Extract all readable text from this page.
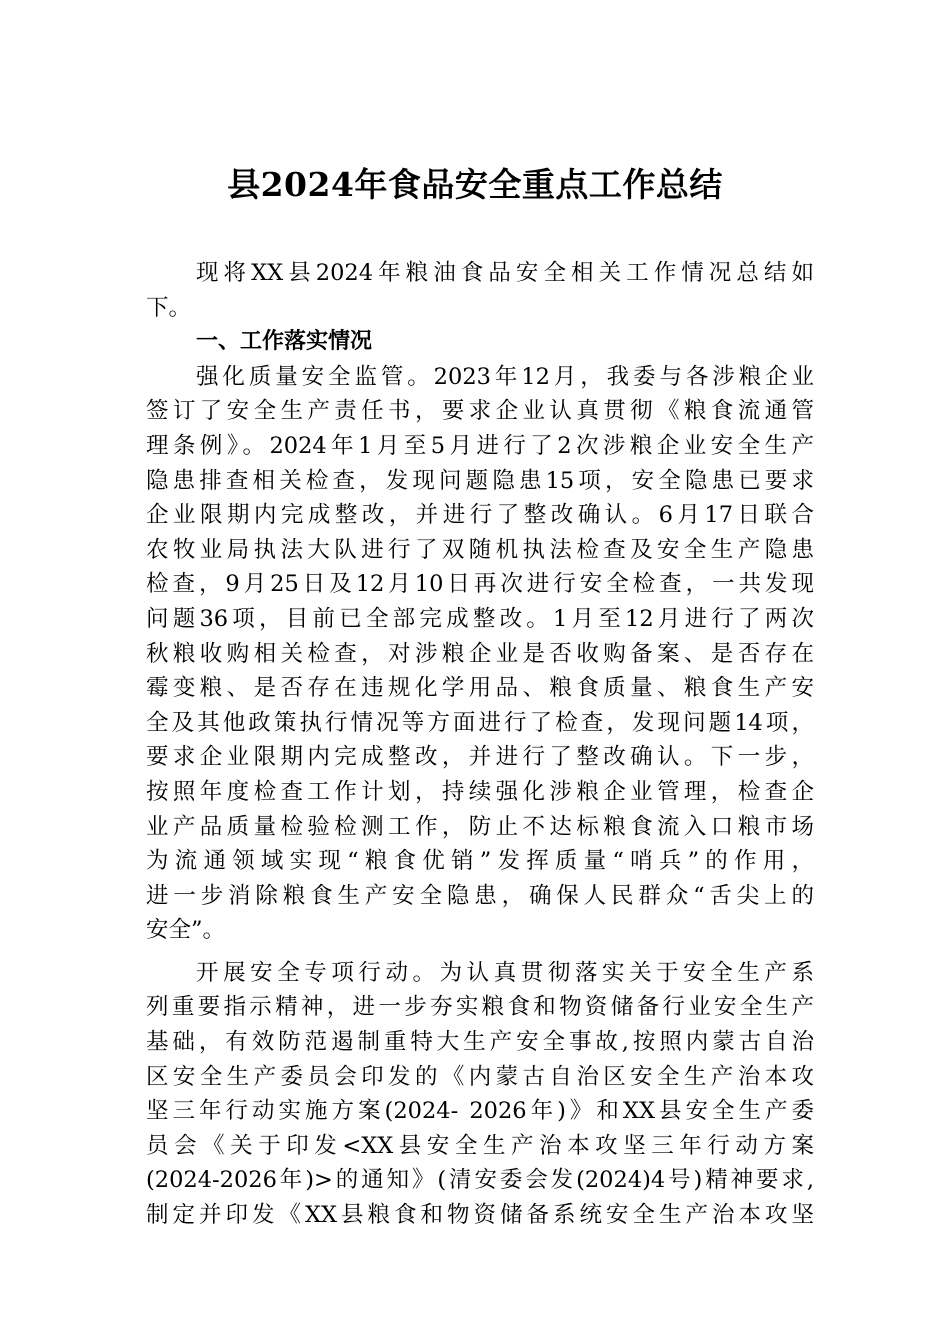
县2024年食品安全重点工作总结
现将XX县2024年粮油食品安全相关工作情况总结如
下。
一、工作落实情况
强化质量安全监管。2023年12月，我委与各涉粮企业
签订了安全生产责任书，要求企业认真贯彻《粮食流通管
理条例》。2024年1月至5月进行了2次涉粮企业安全生产
隐患排查相关检查，发现问题隐患15项，安全隐患已要求
企业限期内完成整改，并进行了整改确认。6月17日联合
农牧业局执法大队进行了双随机执法检查及安全生产隐患
检查，9月25日及12月10日再次进行安全检查，一共发现
问题36项，目前已全部完成整改。1月至12月进行了两次
秋粮收购相关检查，对涉粮企业是否收购备案、是否存在
霉变粮、是否存在违规化学用品、粮食质量、粮食生产安
全及其他政策执行情况等方面进行了检查，发现问题14项，
要求企业限期内完成整改，并进行了整改确认。下一步，
按照年度检查工作计划，持续强化涉粮企业管理，检查企
业产品质量检验检测工作，防止不达标粮食流入口粮市场
为流通领域实现“粮食优销”发挥质量“哨兵”的作用，
进一步消除粮食生产安全隐患，确保人民群众“舌尖上的
安全”。
开展安全专项行动。为认真贯彻落实关于安全生产系
列重要指示精神，进一步夯实粮食和物资储备行业安全生产
基础，有效防范遏制重特大生产安全事故,按照内蒙古自治
区安全生产委员会印发的《内蒙古自治区安全生产治本攻
坚三年行动实施方案(2024- 2026年)》和XX县安全生产委
员会《关于印发<XX县安全生产治本攻坚三年行动方案
(2024-2026年)>的通知》(清安委会发(2024)4号)精神要求,
制定并印发《XX县粮食和物资储备系统安全生产治本攻坚
